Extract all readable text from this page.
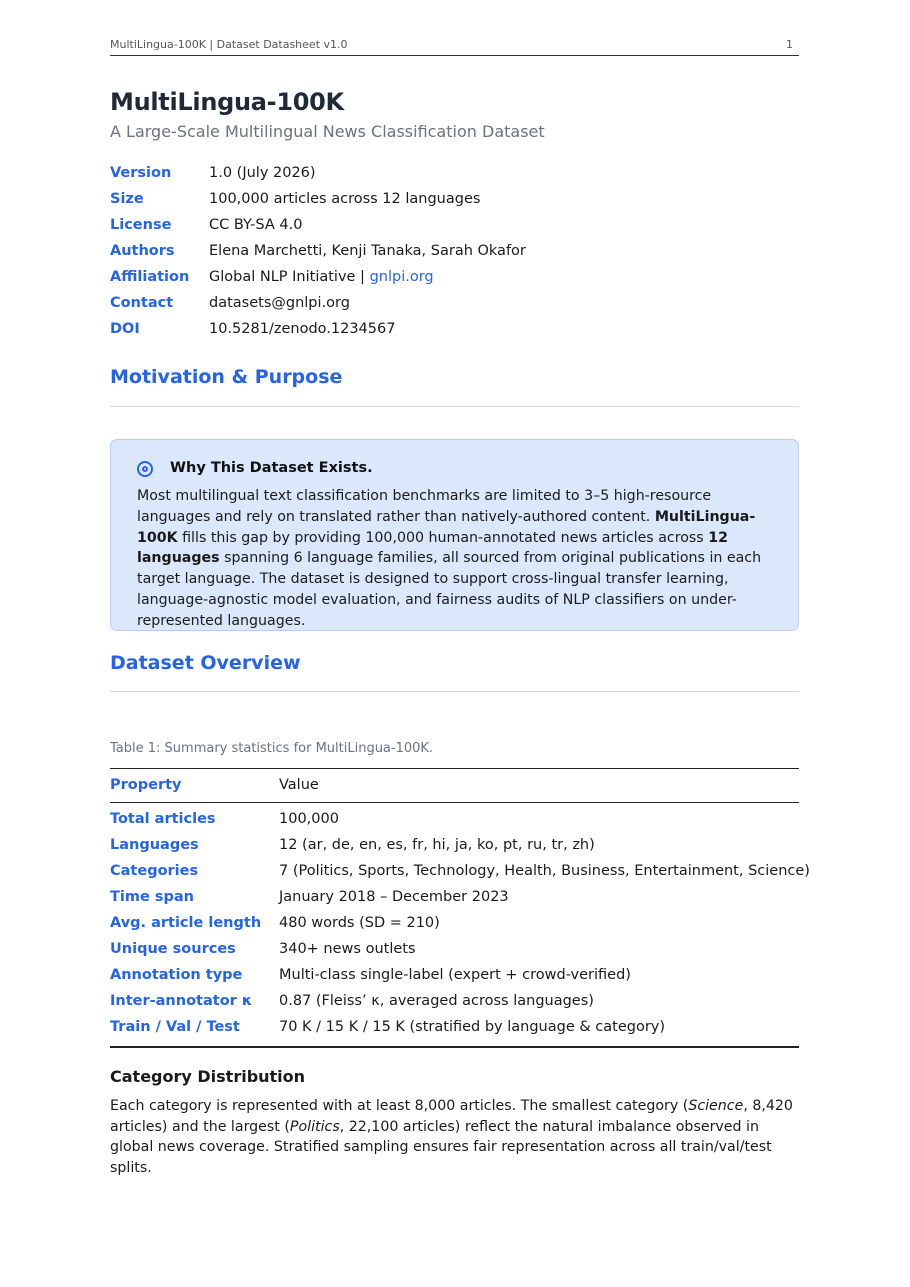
MultiLingua-100K | Dataset Datasheet v1.0	1
MultiLingua-100K
A Large-Scale Multilingual News Classification Dataset
Version	1.0 (July 2026)
Size	100,000 articles across 12 languages
License	CC BY-SA 4.0
Authors Elena Marchetti, Kenji Tanaka, Sarah Okafor
Affiliation Global NLP Initiative | gnlpi.org
Contact datasets@gnlpi.org
DOI	10.5281/zenodo.1234567
Motivation & Purpose
Why This Dataset Exists.

Most multilingual text classification benchmarks are limited to 3–5 high-resource languages and rely on translated rather than natively-authored content. MultiLingua-100K fills this gap by providing 100,000 human-annotated news articles across 12 languages spanning 6 language families, all sourced from original publications in each target language. The dataset is designed to support cross-lingual transfer learning, language-agnostic model evaluation, and fairness audits of NLP classifiers on under-represented languages.

Dataset Overview
Table 1: Summary statistics for MultiLingua-100K.
Property	Value
Total articles	100,000
Languages	12 (ar, de, en, es, fr, hi, ja, ko, pt, ru, tr, zh)
Categories	7 (Politics, Sports, Technology, Health, Business, Entertainment, Science)
Time span	January 2018 – December 2023
Avg. article length 480 words (SD = 210)
Unique sources	340+ news outlets
Annotation type	Multi-class single-label (expert + crowd-verified)
Inter-annotator κ 0.87 (Fleiss’ κ, averaged across languages)
Train / Val / Test	70 K / 15 K / 15 K (stratified by language & category)
Category Distribution

Each category is represented with at least 8,000 articles. The smallest category (Science, 8,420 articles) and the largest (Politics, 22,100 articles) reflect the natural imbalance observed in global news coverage. Stratified sampling ensures fair representation across all train/val/test splits.
